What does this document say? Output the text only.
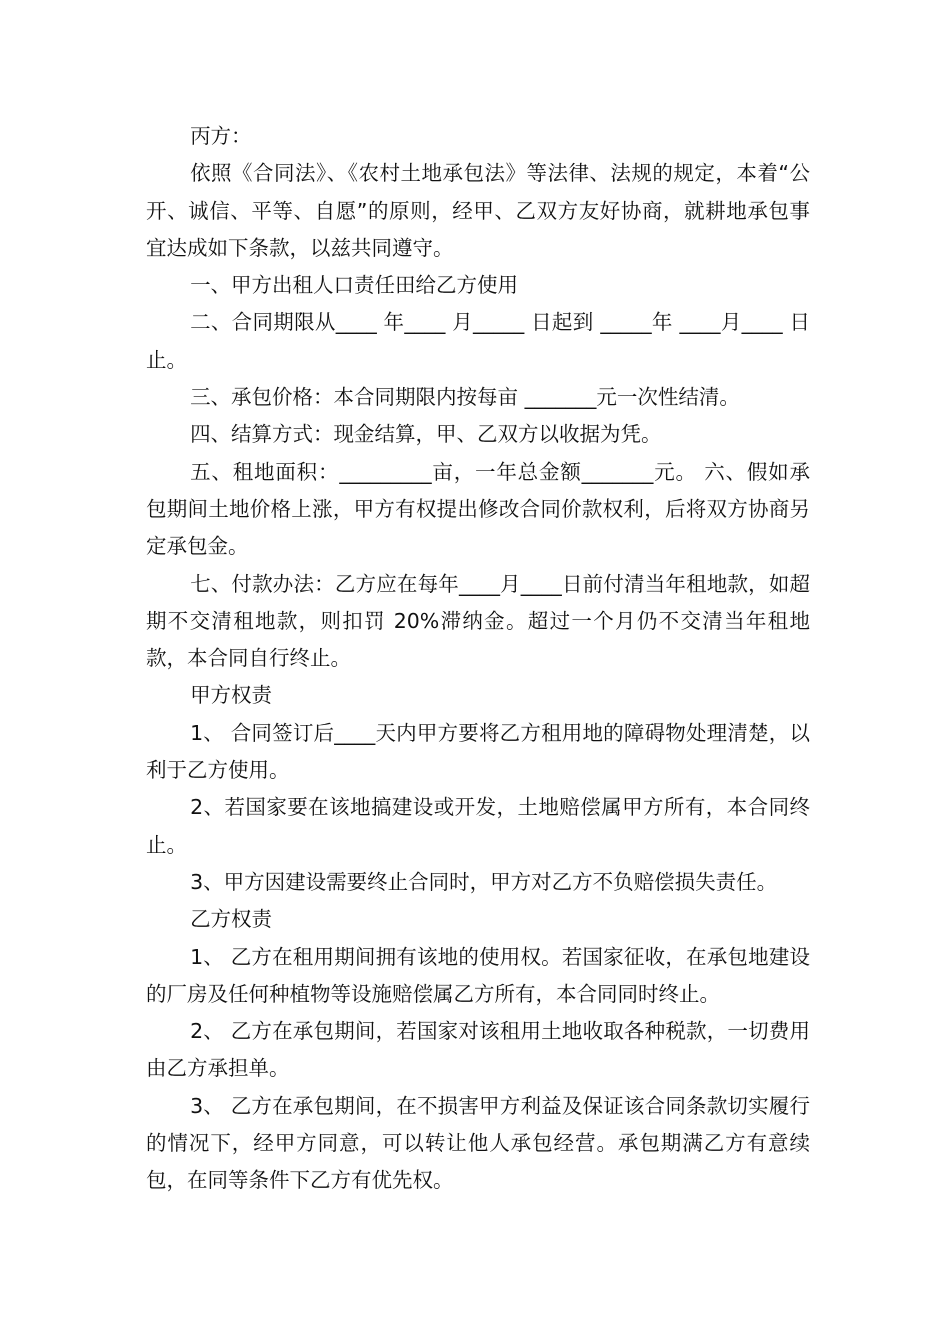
丙方：

依照《合同法》、《农村土地承包法》等法律、法规的规定，本着“公开、诚信、平等、自愿”的原则，经甲、乙双方友好协商，就耕地承包事宜达成如下条款，以兹共同遵守。

一、甲方出租人口责任田给乙方使用

二、合同期限从____ 年____ 月_____ 日起到 _____年 ____月____ 日止。

三、承包价格：本合同期限内按每亩 _______元一次性结清。

四、结算方式：现金结算，甲、乙双方以收据为凭。

五、租地面积：_________亩，一年总金额_______元。 六、假如承包期间土地价格上涨，甲方有权提出修改合同价款权利，后将双方协商另定承包金。

七、付款办法：乙方应在每年____月____日前付清当年租地款，如超期不交清租地款，则扣罚 20%滞纳金。超过一个月仍不交清当年租地款，本合同自行终止。

甲方权责

1、 合同签订后____天内甲方要将乙方租用地的障碍物处理清楚，以利于乙方使用。

2、若国家要在该地搞建设或开发，土地赔偿属甲方所有，本合同终止。

3、甲方因建设需要终止合同时，甲方对乙方不负赔偿损失责任。

乙方权责

1、 乙方在租用期间拥有该地的使用权。若国家征收，在承包地建设的厂房及任何种植物等设施赔偿属乙方所有，本合同同时终止。

2、 乙方在承包期间，若国家对该租用土地收取各种税款，一切费用由乙方承担单。

3、 乙方在承包期间，在不损害甲方利益及保证该合同条款切实履行的情况下，经甲方同意，可以转让他人承包经营。承包期满乙方有意续包，在同等条件下乙方有优先权。
